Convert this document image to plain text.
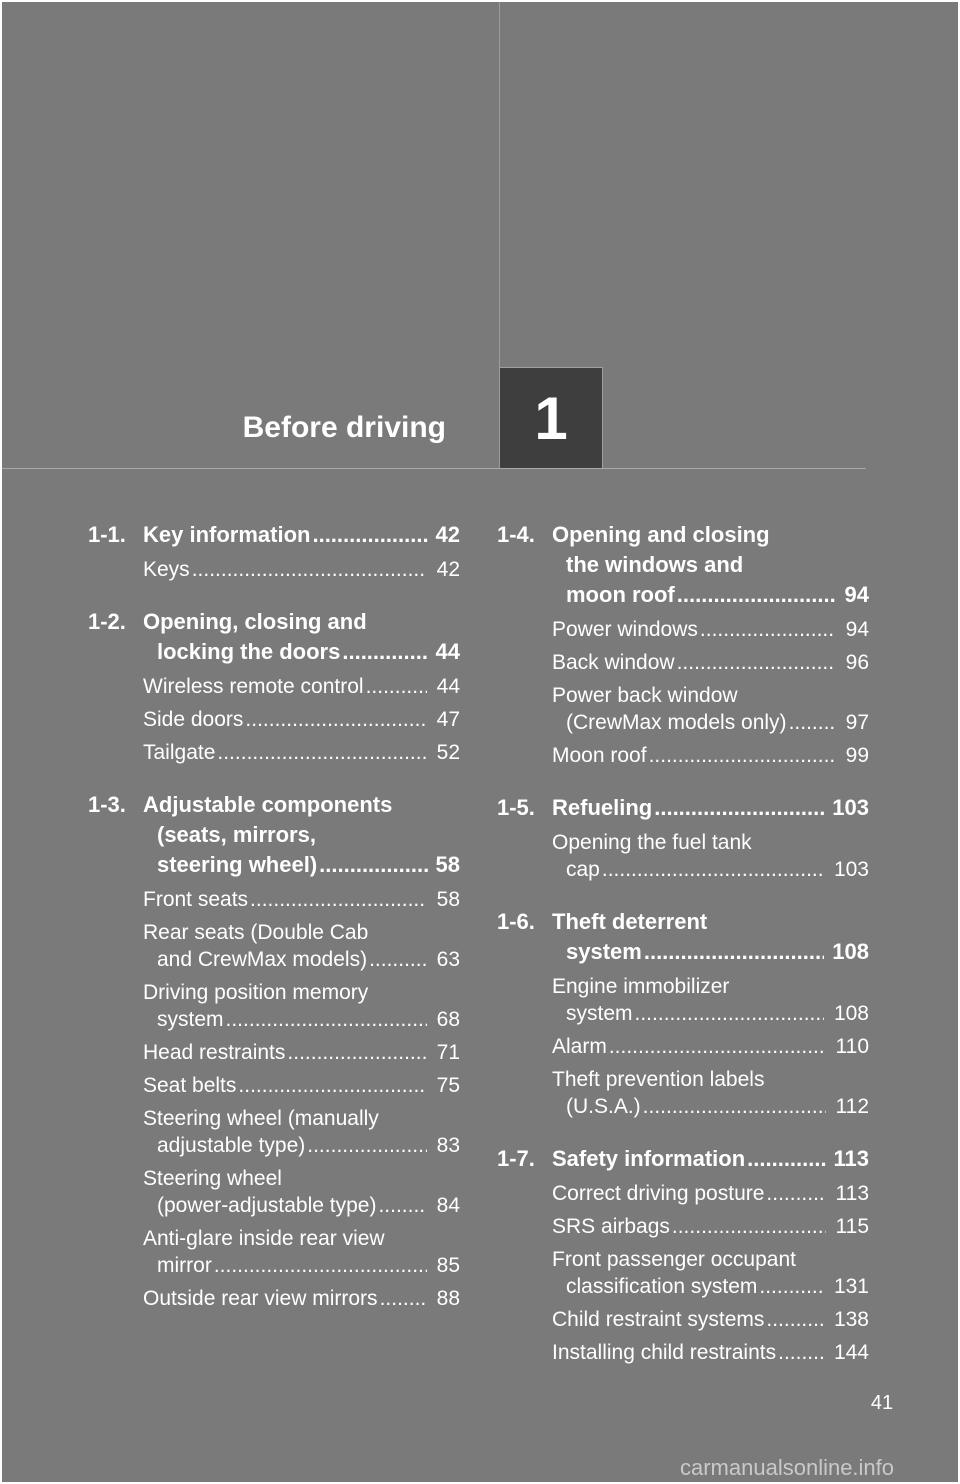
Before driving	1
1-1. Key information .....	42
Keys .....	42
1-2. Opening, closing and
locking the doors .....	44
Wireless remote control .....	44
Side doors .....	47
Tailgate .....	52
1-3. Adjustable components
(seats, mirrors,
steering wheel) .....	58
Front seats .....	58
Rear seats (Double Cab
and CrewMax models) .....	63
Driving position memory
system .....	68
Head restraints .....	71
Seat belts .....	75
Steering wheel (manually
adjustable type) .....	83
Steering wheel
(power-adjustable type) .....	84
Anti-glare inside rear view
mirror .....	85
Outside rear view mirrors .....	88
1-4. Opening and closing
the windows and
moon roof .....	94
Power windows .....	94
Back window .....	96
Power back window
(CrewMax models only) .....	97
Moon roof .....	99
1-5. Refueling .....	103
Opening the fuel tank
cap .....	103
1-6. Theft deterrent
system .....	108
Engine immobilizer
system .....	108
Alarm .....	110
Theft prevention labels
(U.S.A.) .....	112
1-7. Safety information .....	113
Correct driving posture .....	113
SRS airbags .....	115
Front passenger occupant
classification system .....	131
Child restraint systems .....	138
Installing child restraints .....	144
41
carmanualsonline.info
